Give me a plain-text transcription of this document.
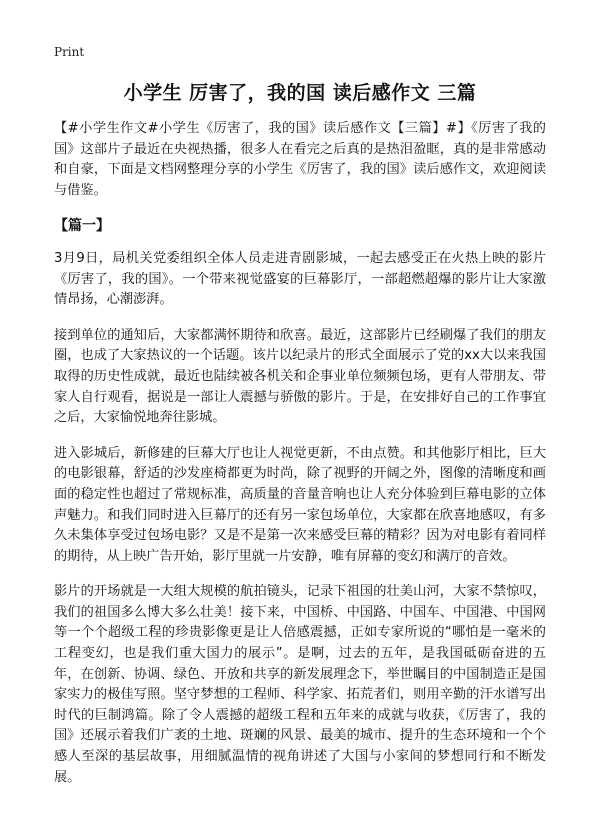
Print
小学生 厉害了，我的国 读后感作文 三篇

【#小学生作文#小学生《厉害了，我的国》读后感作文【三篇】#】《厉害了我的国》这部片子最近在央视热播，很多人在看完之后真的是热泪盈眶，真的是非常感动和自豪，下面是文档网整理分享的小学生《厉害了，我的国》读后感作文，欢迎阅读与借鉴。

【篇一】

3月9日，局机关党委组织全体人员走进青剧影城，一起去感受正在火热上映的影片《厉害了，我的国》。一个带来视觉盛宴的巨幕影厅，一部超燃超爆的影片让大家激情昂扬，心潮澎湃。

接到单位的通知后，大家都满怀期待和欣喜。最近，这部影片已经刷爆了我们的朋友圈，也成了大家热议的一个话题。该片以纪录片的形式全面展示了党的xx大以来我国取得的历史性成就，最近也陆续被各机关和企事业单位频频包场，更有人带朋友、带家人自行观看，据说是一部让人震撼与骄傲的影片。于是，在安排好自己的工作事宜之后，大家愉悦地奔往影城。

进入影城后，新修建的巨幕大厅也让人视觉更新，不由点赞。和其他影厅相比，巨大的电影银幕，舒适的沙发座椅都更为时尚，除了视野的开阔之外，图像的清晰度和画面的稳定性也超过了常规标准，高质量的音量音响也让人充分体验到巨幕电影的立体声魅力。和我们同时进入巨幕厅的还有另一家包场单位，大家都在欣喜地感叹，有多久未集体享受过包场电影？又是不是第一次来感受巨幕的精彩？因为对电影有着同样的期待，从上映广告开始，影厅里就一片安静，唯有屏幕的变幻和满厅的音效。

影片的开场就是一大组大规模的航拍镜头，记录下祖国的壮美山河，大家不禁惊叹，我们的祖国多么博大多么壮美！接下来，中国桥、中国路、中国车、中国港、中国网等一个个超级工程的珍贵影像更是让人倍感震撼，正如专家所说的“哪怕是一毫米的工程变幻，也是我们重大国力的展示”。是啊，过去的五年，是我国砥砺奋进的五年，在创新、协调、绿色、开放和共享的新发展理念下，举世瞩目的中国制造正是国家实力的极佳写照。坚守梦想的工程师、科学家、拓荒者们，则用辛勤的汗水谱写出时代的巨制鸿篇。除了令人震撼的超级工程和五年来的成就与收获，《厉害了，我的国》还展示着我们广袤的土地、斑斓的风景、最美的城市、提升的生态环境和一个个感人至深的基层故事，用细腻温情的视角讲述了大国与小家间的梦想同行和不断发展。
